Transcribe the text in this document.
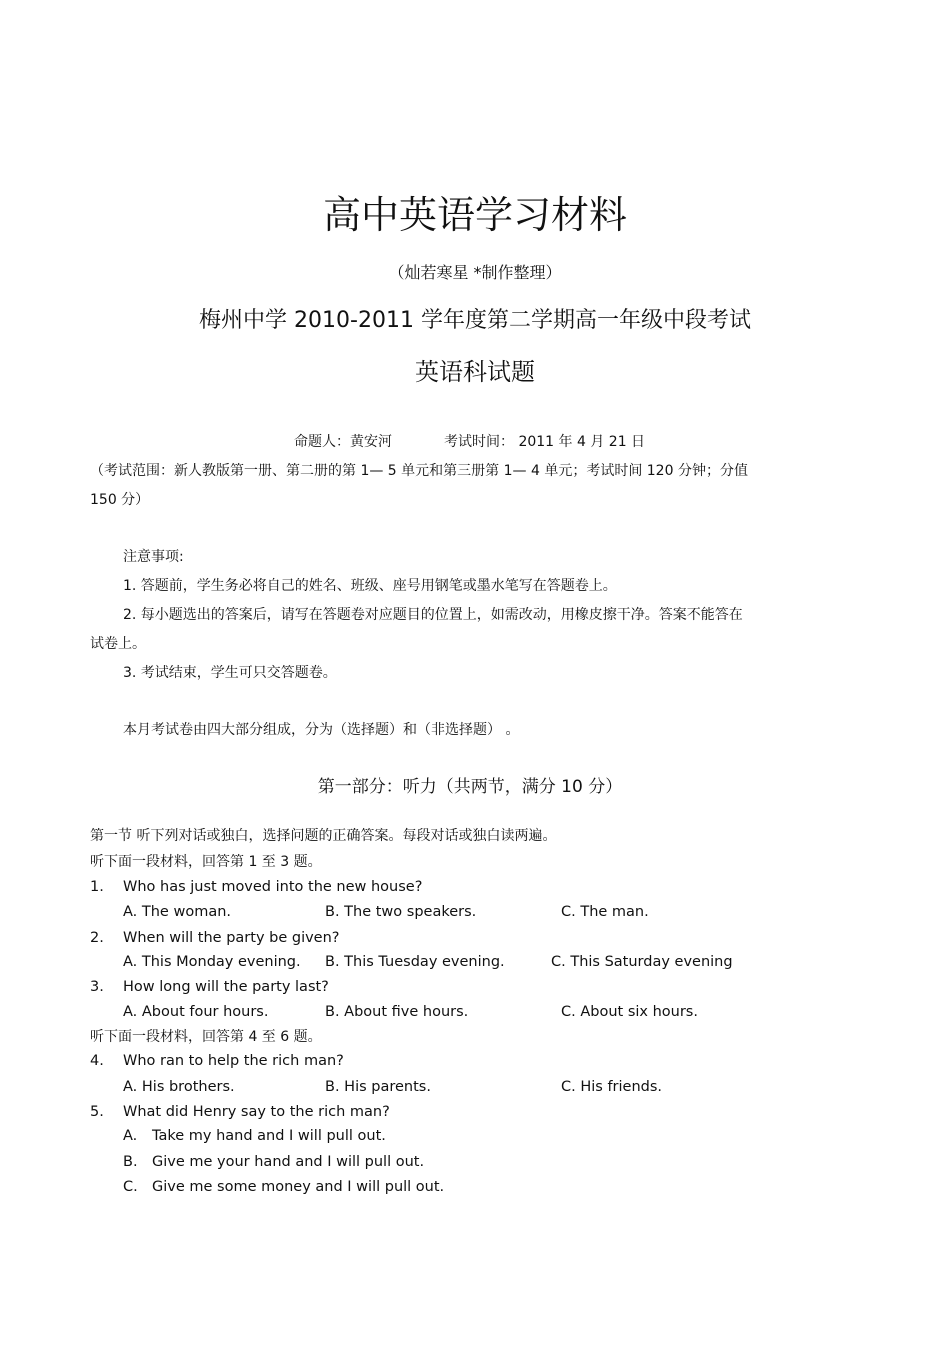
高中英语学习材料
（灿若寒星 *制作整理）
梅州中学 2010-2011 学年度第二学期高一年级中段考试
英语科试题
命题人：黄安河	考试时间： 2011 年 4 月 21 日
（考试范围：新人教版第一册、第二册的第 1— 5 单元和第三册第 1— 4 单元；考试时间 120 分钟；分值
150 分）
注意事项:
1. 答题前，学生务必将自己的姓名、班级、座号用钢笔或墨水笔写在答题卷上。
2. 每小题选出的答案后，请写在答题卷对应题目的位置上，如需改动，用橡皮擦干净。答案不能答在
试卷上。
3. 考试结束，学生可只交答题卷。
本月考试卷由四大部分组成，分为（选择题）和（非选择题） 。
第一部分：听力（共两节，满分 10 分）
第一节 听下列对话或独白，选择问题的正确答案。每段对话或独白读两遍。
听下面一段材料，回答第 1 至 3 题。
1. Who has just moved into the new house?
A. The woman.	B. The two speakers.	C. The man.
2. When will the party be given?
A. This Monday evening. B. This Tuesday evening.	C. This Saturday evening
3. How long will the party last?
A. About four hours.	B. About five hours.	C. About six hours.
听下面一段材料，回答第 4 至 6 题。
4. Who ran to help the rich man?
A. His brothers.	B. His parents.	C. His friends.
5. What did Henry say to the rich man?
A. Take my hand and I will pull out.
B. Give me your hand and I will pull out.
C. Give me some money and I will pull out.
